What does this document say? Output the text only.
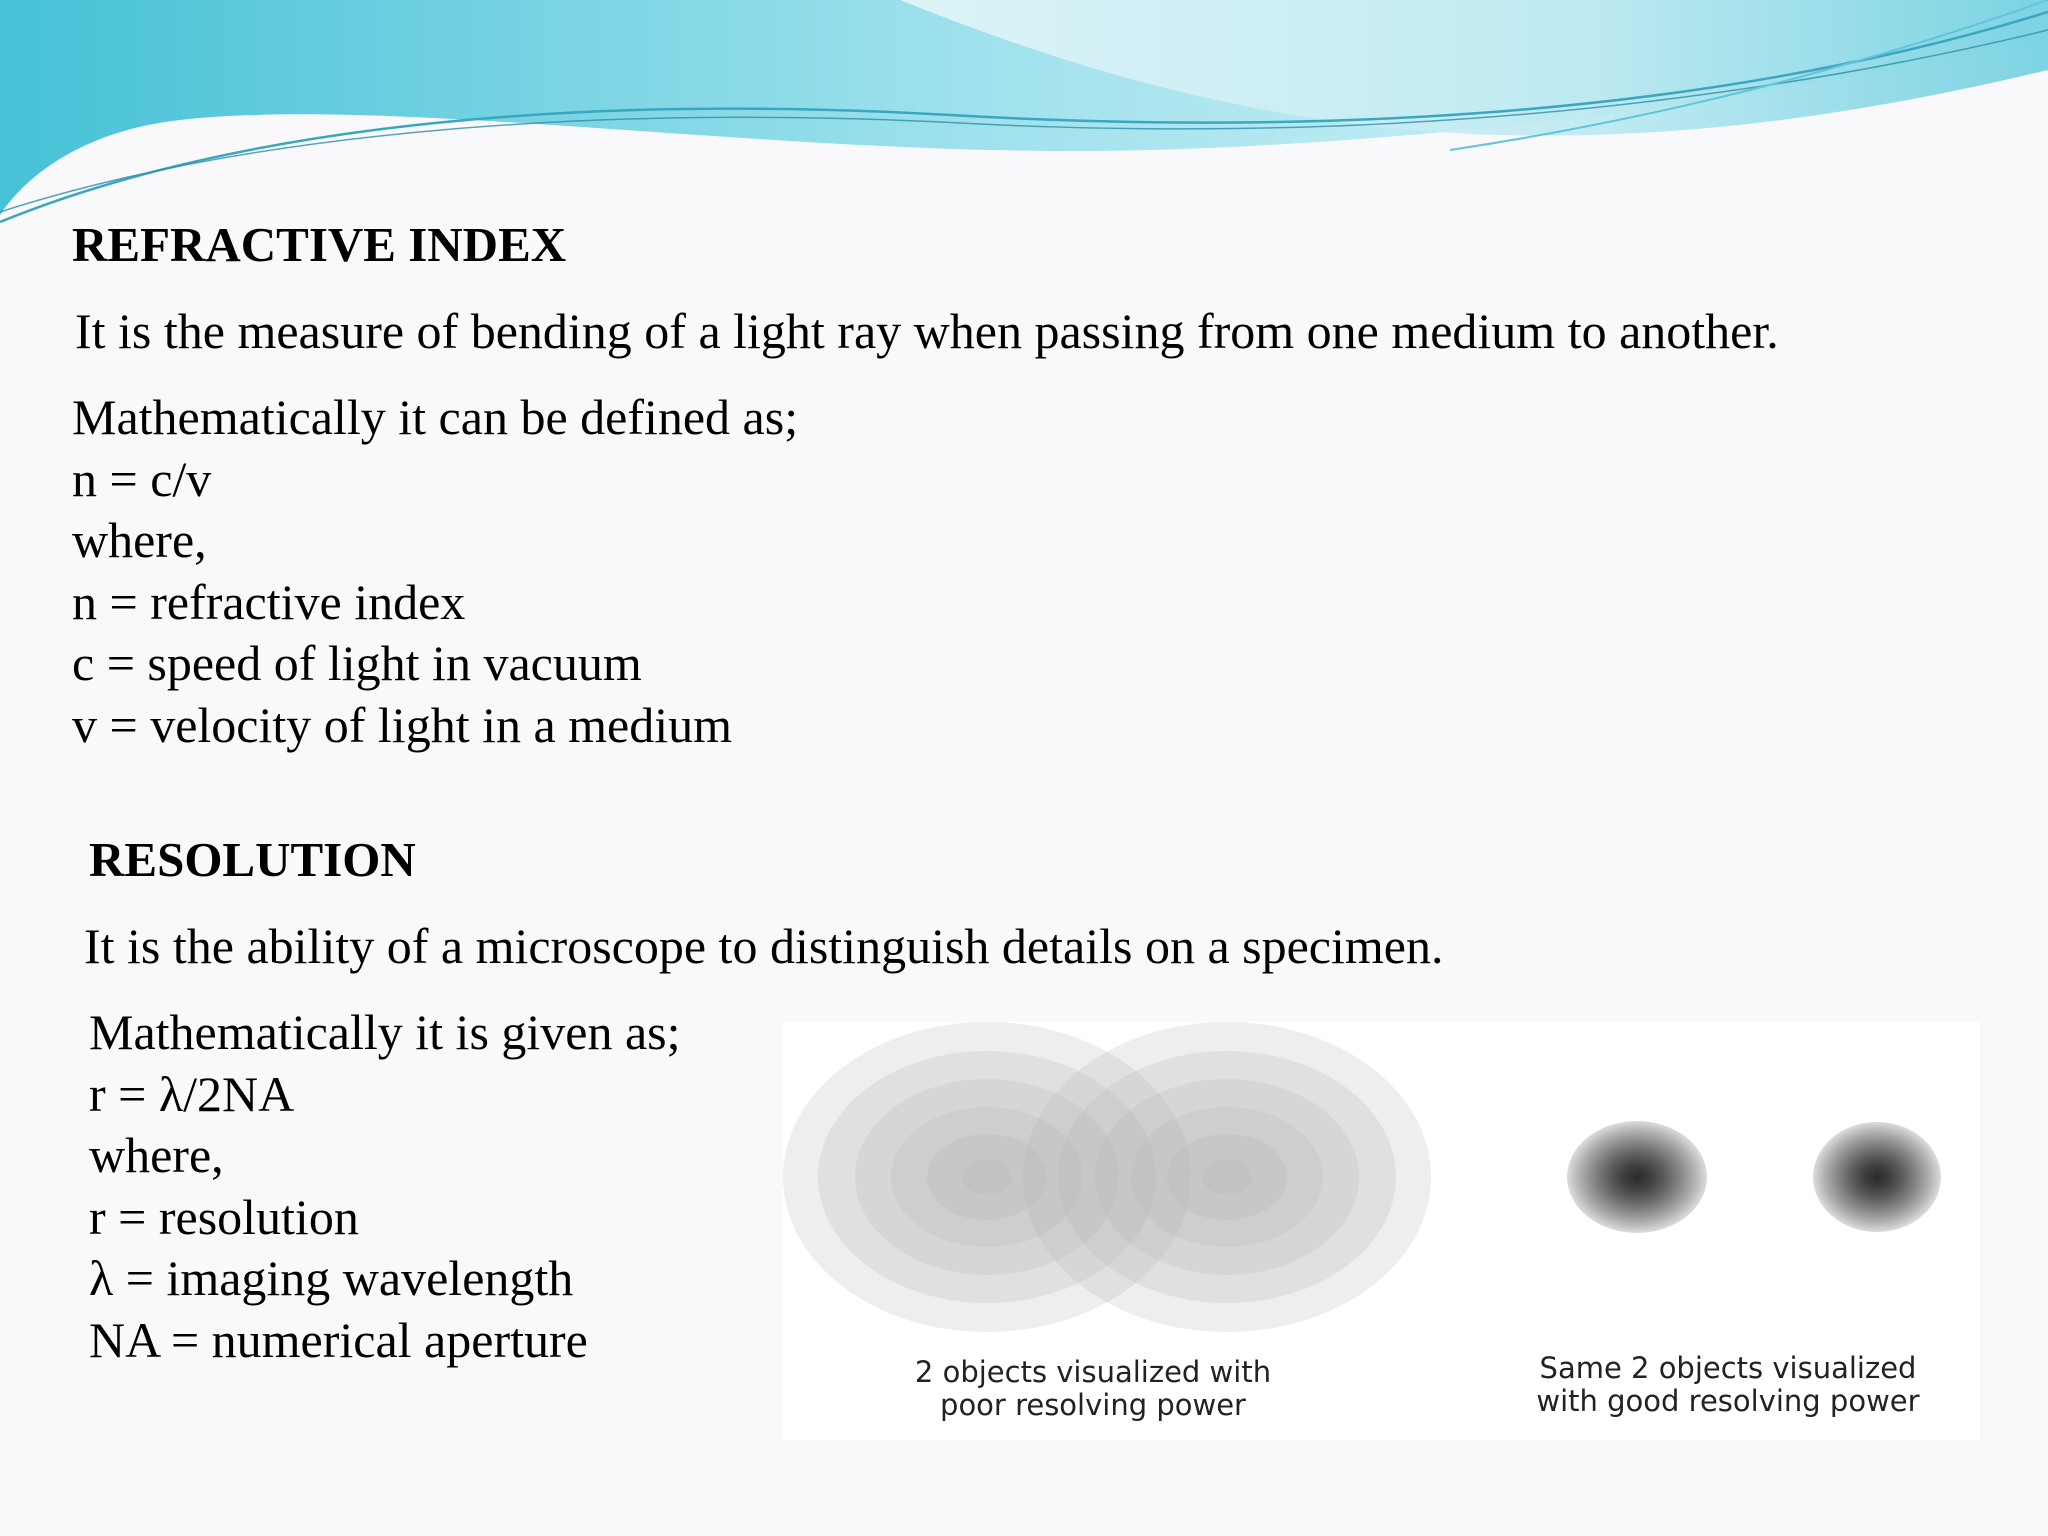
REFRACTIVE INDEX

It is the measure of bending of a light ray when passing from one medium to another.

Mathematically it can be defined as;
n = c/v
where,
n = refractive index
c = speed of light in vacuum
v = velocity of light in a medium

RESOLUTION

It is the ability of a microscope to distinguish details on a specimen.

Mathematically it is given as;
r = λ/2NA
where,
r = resolution
λ = imaging wavelength
NA = numerical aperture
2 objects visualized with
poor resolving power
Same 2 objects visualized
with good resolving power
